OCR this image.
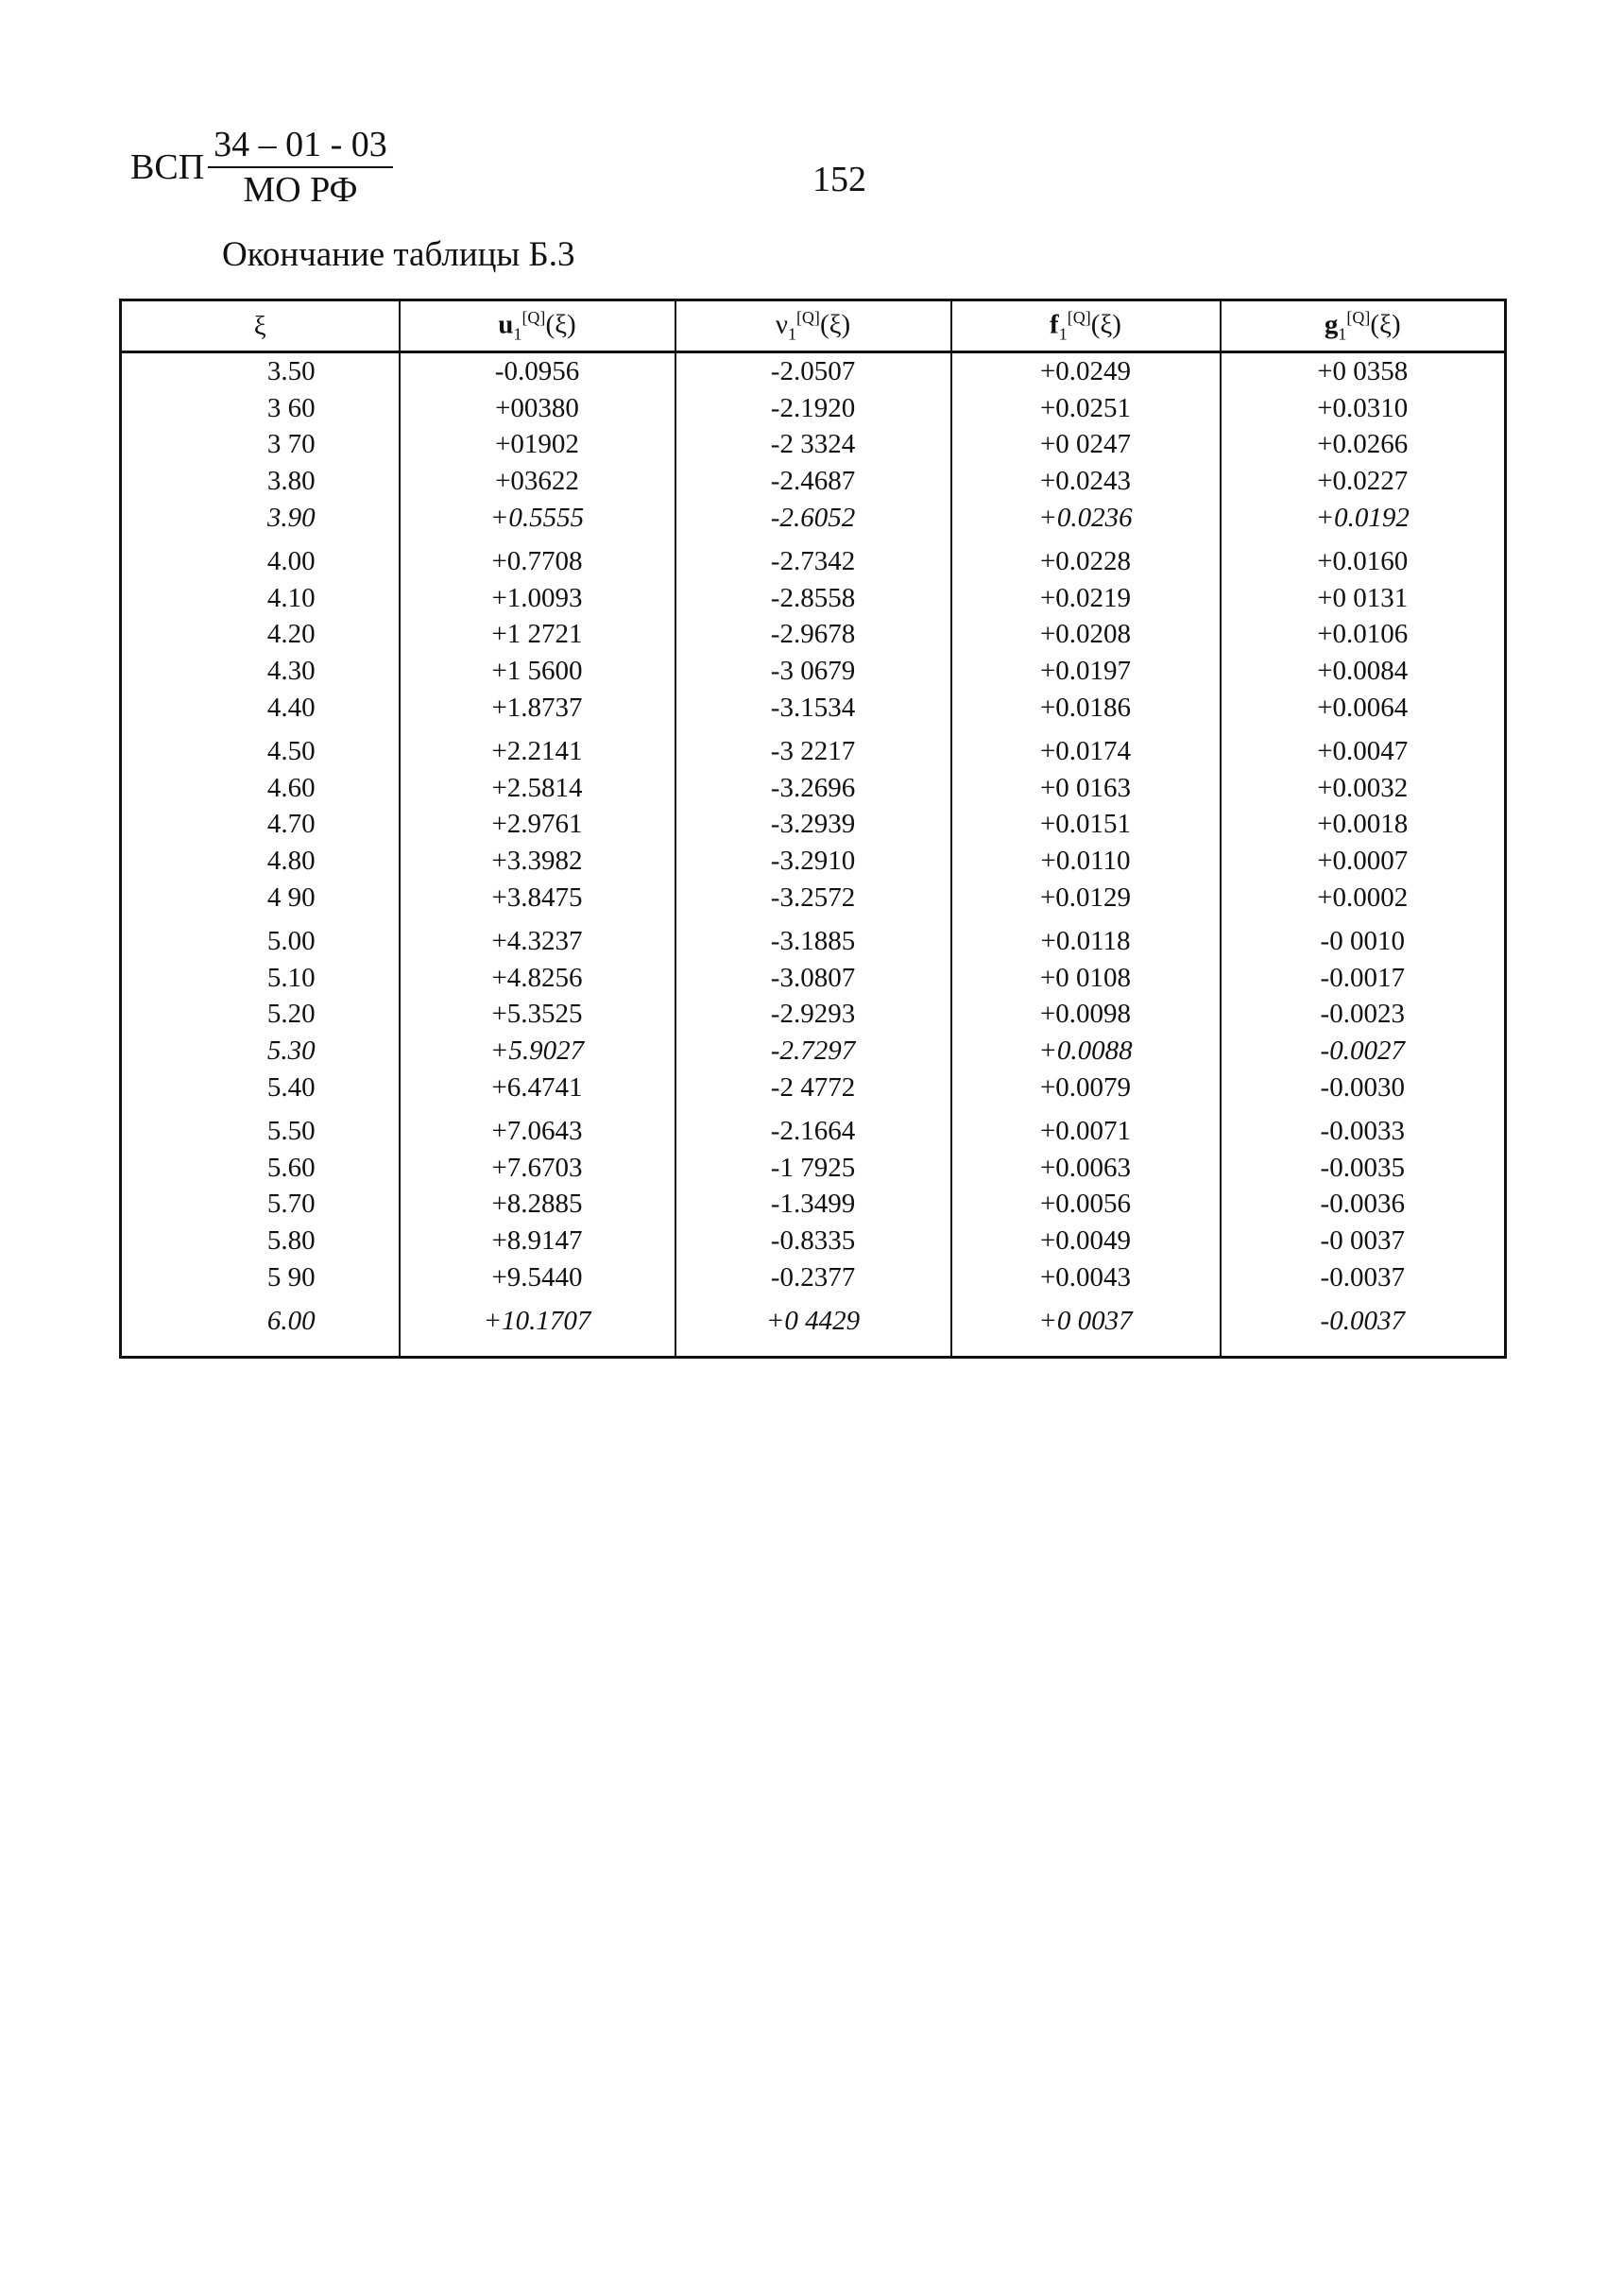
ВСП $\frac{34 - 01 - 03}{\text{МО РФ}}$	152
Окончание таблицы Б.3
ξ	$u_1[Q](\xi)$	$\nu_1[Q](\xi)$	$f_1[Q](\xi)$	$g_1[Q](\xi)$
3.50	-0.0956	-2.0507	+0.0249	+0 0358
3 60	+00380	-2.1920	+0.0251	+0.0310
3 70	+01902	-2 3324	+0 0247	+0.0266
3.80	+03622	-2.4687	+0.0243	+0.0227
3.90	+0.5555	-2.6052	+0.0236	+0.0192
4.00	+0.7708	-2.7342	+0.0228	+0.0160
4.10	+1.0093	-2.8558	+0.0219	+0 0131
4.20	+1 2721	-2.9678	+0.0208	+0.0106
4.30	+1 5600	-3 0679	+0.0197	+0.0084
4.40	+1.8737	-3.1534	+0.0186	+0.0064
4.50	+2.2141	-3 2217	+0.0174	+0.0047
4.60	+2.5814	-3.2696	+0 0163	+0.0032
4.70	+2.9761	-3.2939	+0.0151	+0.0018
4.80	+3.3982	-3.2910	+0.0110	+0.0007
4 90	+3.8475	-3.2572	+0.0129	+0.0002
5.00	+4.3237	-3.1885	+0.0118	-0 0010
5.10	+4.8256	-3.0807	+0 0108	-0.0017
5.20	+5.3525	-2.9293	+0.0098	-0.0023
5.30	+5.9027	-2.7297	+0.0088	-0.0027
5.40	+6.4741	-2 4772	+0.0079	-0.0030
5.50	+7.0643	-2.1664	+0.0071	-0.0033
5.60	+7.6703	-1 7925	+0.0063	-0.0035
5.70	+8.2885	-1.3499	+0.0056	-0.0036
5.80	+8.9147	-0.8335	+0.0049	-0 0037
5 90	+9.5440	-0.2377	+0.0043	-0.0037
6.00	+10.1707	+0 4429	+0 0037	-0.0037
